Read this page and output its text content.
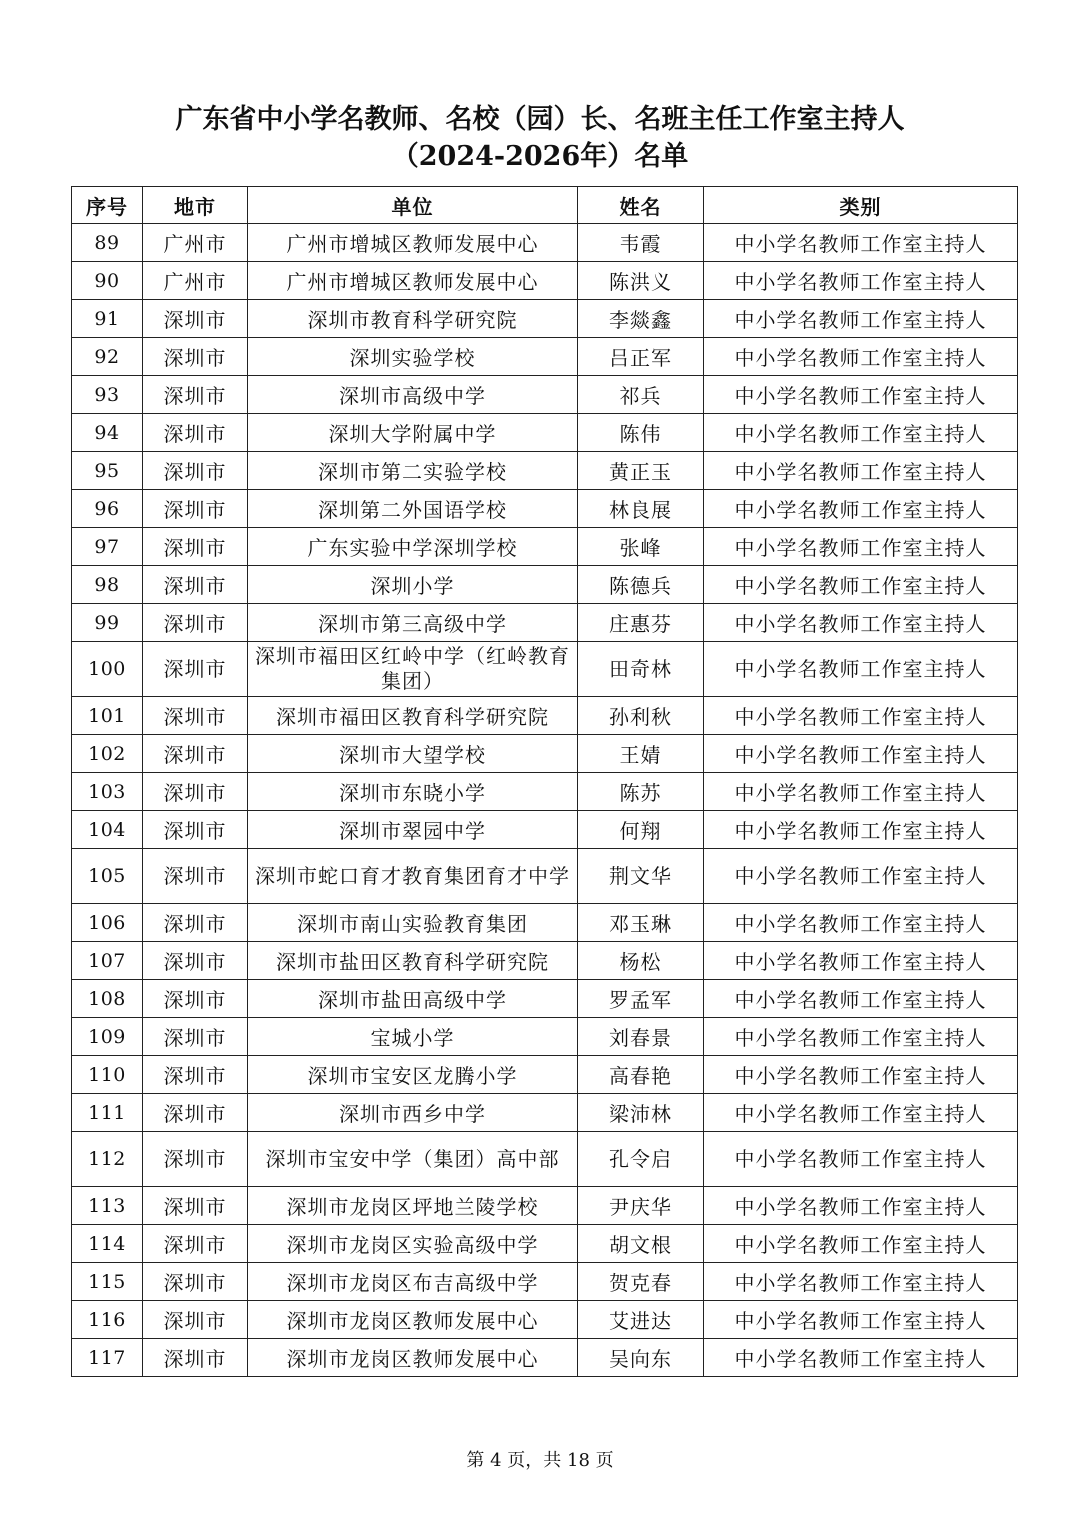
广东省中小学名教师、名校（园）长、名班主任工作室主持人
（2024-2026年）名单
序号	地市	单位	姓名	类别
89	广州市	广州市增城区教师发展中心	韦霞	中小学名教师工作室主持人
90	广州市	广州市增城区教师发展中心	陈洪义	中小学名教师工作室主持人
91	深圳市	深圳市教育科学研究院	李燚鑫	中小学名教师工作室主持人
92	深圳市	深圳实验学校	吕正军	中小学名教师工作室主持人
93	深圳市	深圳市高级中学	祁兵	中小学名教师工作室主持人
94	深圳市	深圳大学附属中学	陈伟	中小学名教师工作室主持人
95	深圳市	深圳市第二实验学校	黄正玉	中小学名教师工作室主持人
96	深圳市	深圳第二外国语学校	林良展	中小学名教师工作室主持人
97	深圳市	广东实验中学深圳学校	张峰	中小学名教师工作室主持人
98	深圳市	深圳小学	陈德兵	中小学名教师工作室主持人
99	深圳市	深圳市第三高级中学	庄惠芬	中小学名教师工作室主持人
100	深圳市	深圳市福田区红岭中学（红岭教育集团）	田奇林	中小学名教师工作室主持人
101	深圳市	深圳市福田区教育科学研究院	孙利秋	中小学名教师工作室主持人
102	深圳市	深圳市大望学校	王婧	中小学名教师工作室主持人
103	深圳市	深圳市东晓小学	陈苏	中小学名教师工作室主持人
104	深圳市	深圳市翠园中学	何翔	中小学名教师工作室主持人
105	深圳市	深圳市蛇口育才教育集团育才中学	荆文华	中小学名教师工作室主持人
106	深圳市	深圳市南山实验教育集团	邓玉琳	中小学名教师工作室主持人
107	深圳市	深圳市盐田区教育科学研究院	杨松	中小学名教师工作室主持人
108	深圳市	深圳市盐田高级中学	罗孟军	中小学名教师工作室主持人
109	深圳市	宝城小学	刘春景	中小学名教师工作室主持人
110	深圳市	深圳市宝安区龙腾小学	高春艳	中小学名教师工作室主持人
111	深圳市	深圳市西乡中学	梁沛林	中小学名教师工作室主持人
112	深圳市	深圳市宝安中学（集团）高中部	孔令启	中小学名教师工作室主持人
113	深圳市	深圳市龙岗区坪地兰陵学校	尹庆华	中小学名教师工作室主持人
114	深圳市	深圳市龙岗区实验高级中学	胡文根	中小学名教师工作室主持人
115	深圳市	深圳市龙岗区布吉高级中学	贺克春	中小学名教师工作室主持人
116	深圳市	深圳市龙岗区教师发展中心	艾进达	中小学名教师工作室主持人
117	深圳市	深圳市龙岗区教师发展中心	吴向东	中小学名教师工作室主持人
第 4 页，共 18 页
